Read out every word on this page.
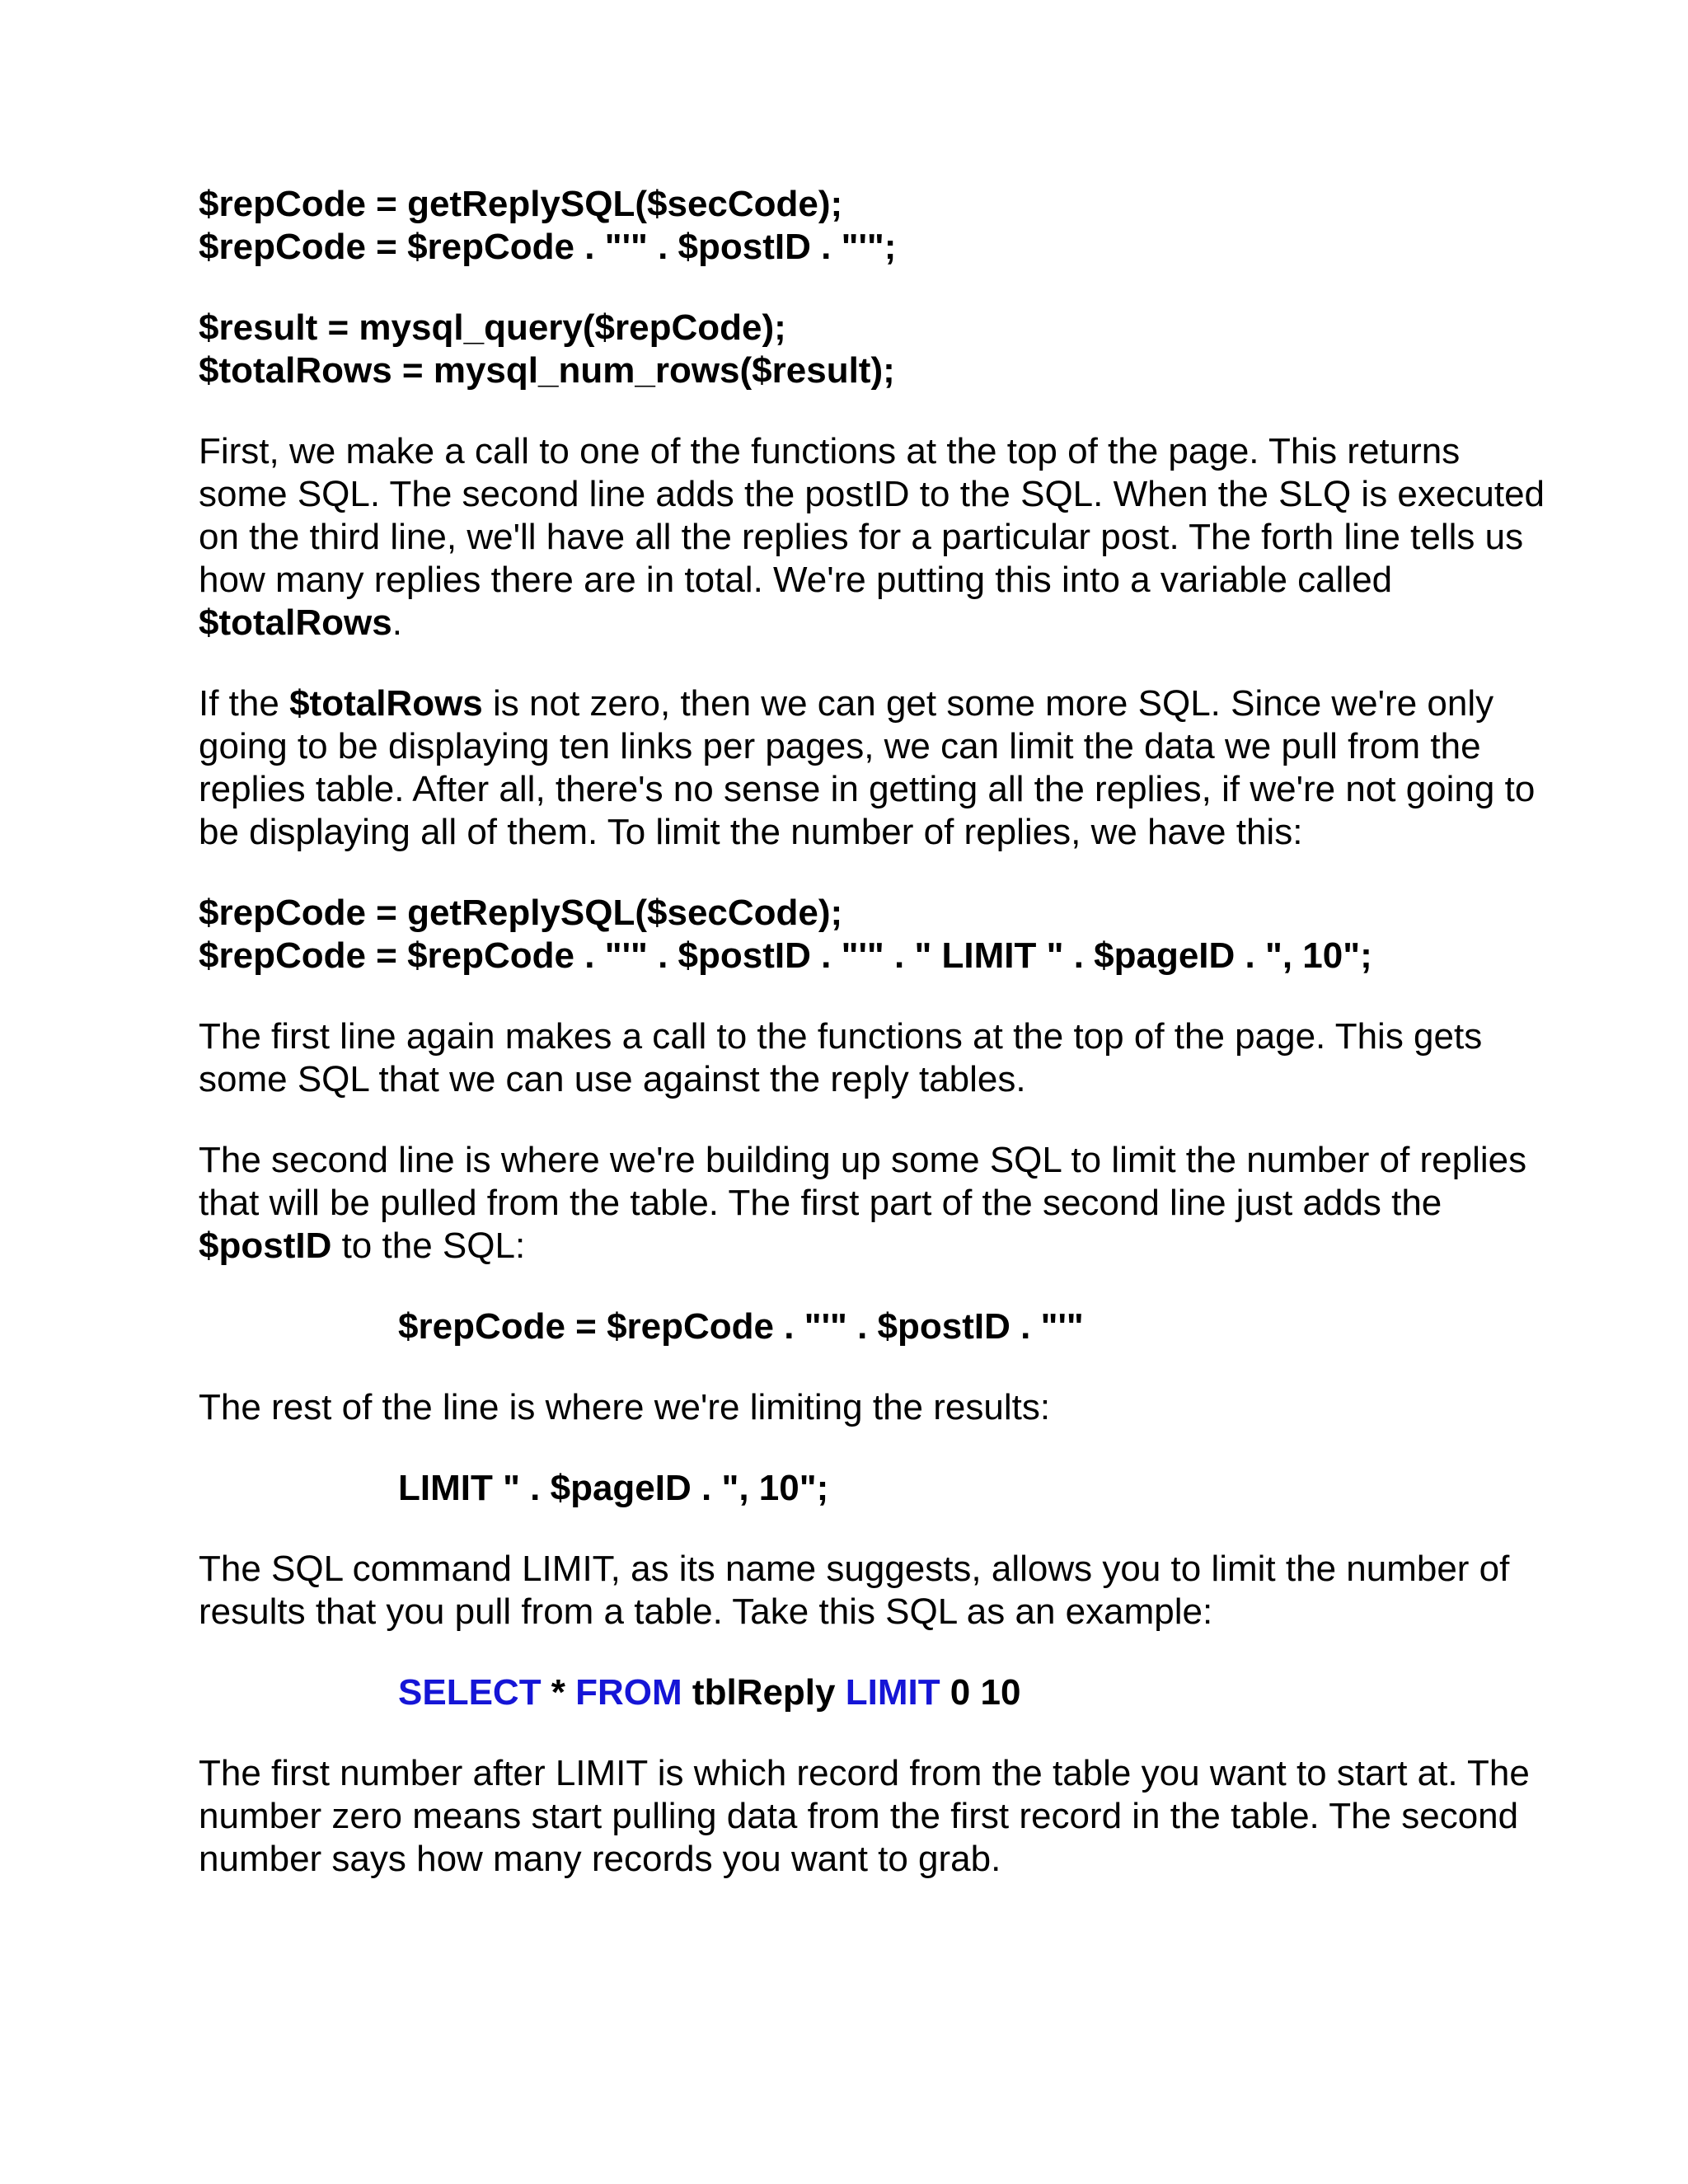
$repCode = getReplySQL($secCode);
$repCode = $repCode . "'" . $postID . "'";
$result = mysql_query($repCode);
$totalRows = mysql_num_rows($result);

First, we make a call to one of the functions at the top of the page. This returns some SQL. The second line adds the postID to the SQL. When the SLQ is executed on the third line, we'll have all the replies for a particular post. The forth line tells us how many replies there are in total. We're putting this into a variable called $totalRows.

If the $totalRows is not zero, then we can get some more SQL. Since we're only going to be displaying ten links per pages, we can limit the data we pull from the replies table. After all, there's no sense in getting all the replies, if we're not going to be displaying all of them. To limit the number of replies, we have this:

$repCode = getReplySQL($secCode);
$repCode = $repCode . "'" . $postID . "'" . " LIMIT " . $pageID . ", 10";

The first line again makes a call to the functions at the top of the page. This gets some SQL that we can use against the reply tables.

The second line is where we're building up some SQL to limit the number of replies that will be pulled from the table. The first part of the second line just adds the $postID to the SQL:

$repCode = $repCode . "'" . $postID . "'"

The rest of the line is where we're limiting the results:

LIMIT " . $pageID . ", 10";

The SQL command LIMIT, as its name suggests, allows you to limit the number of results that you pull from a table. Take this SQL as an example:

SELECT * FROM tblReply LIMIT 0 10

The first number after LIMIT is which record from the table you want to start at. The number zero means start pulling data from the first record in the table. The second number says how many records you want to grab.
